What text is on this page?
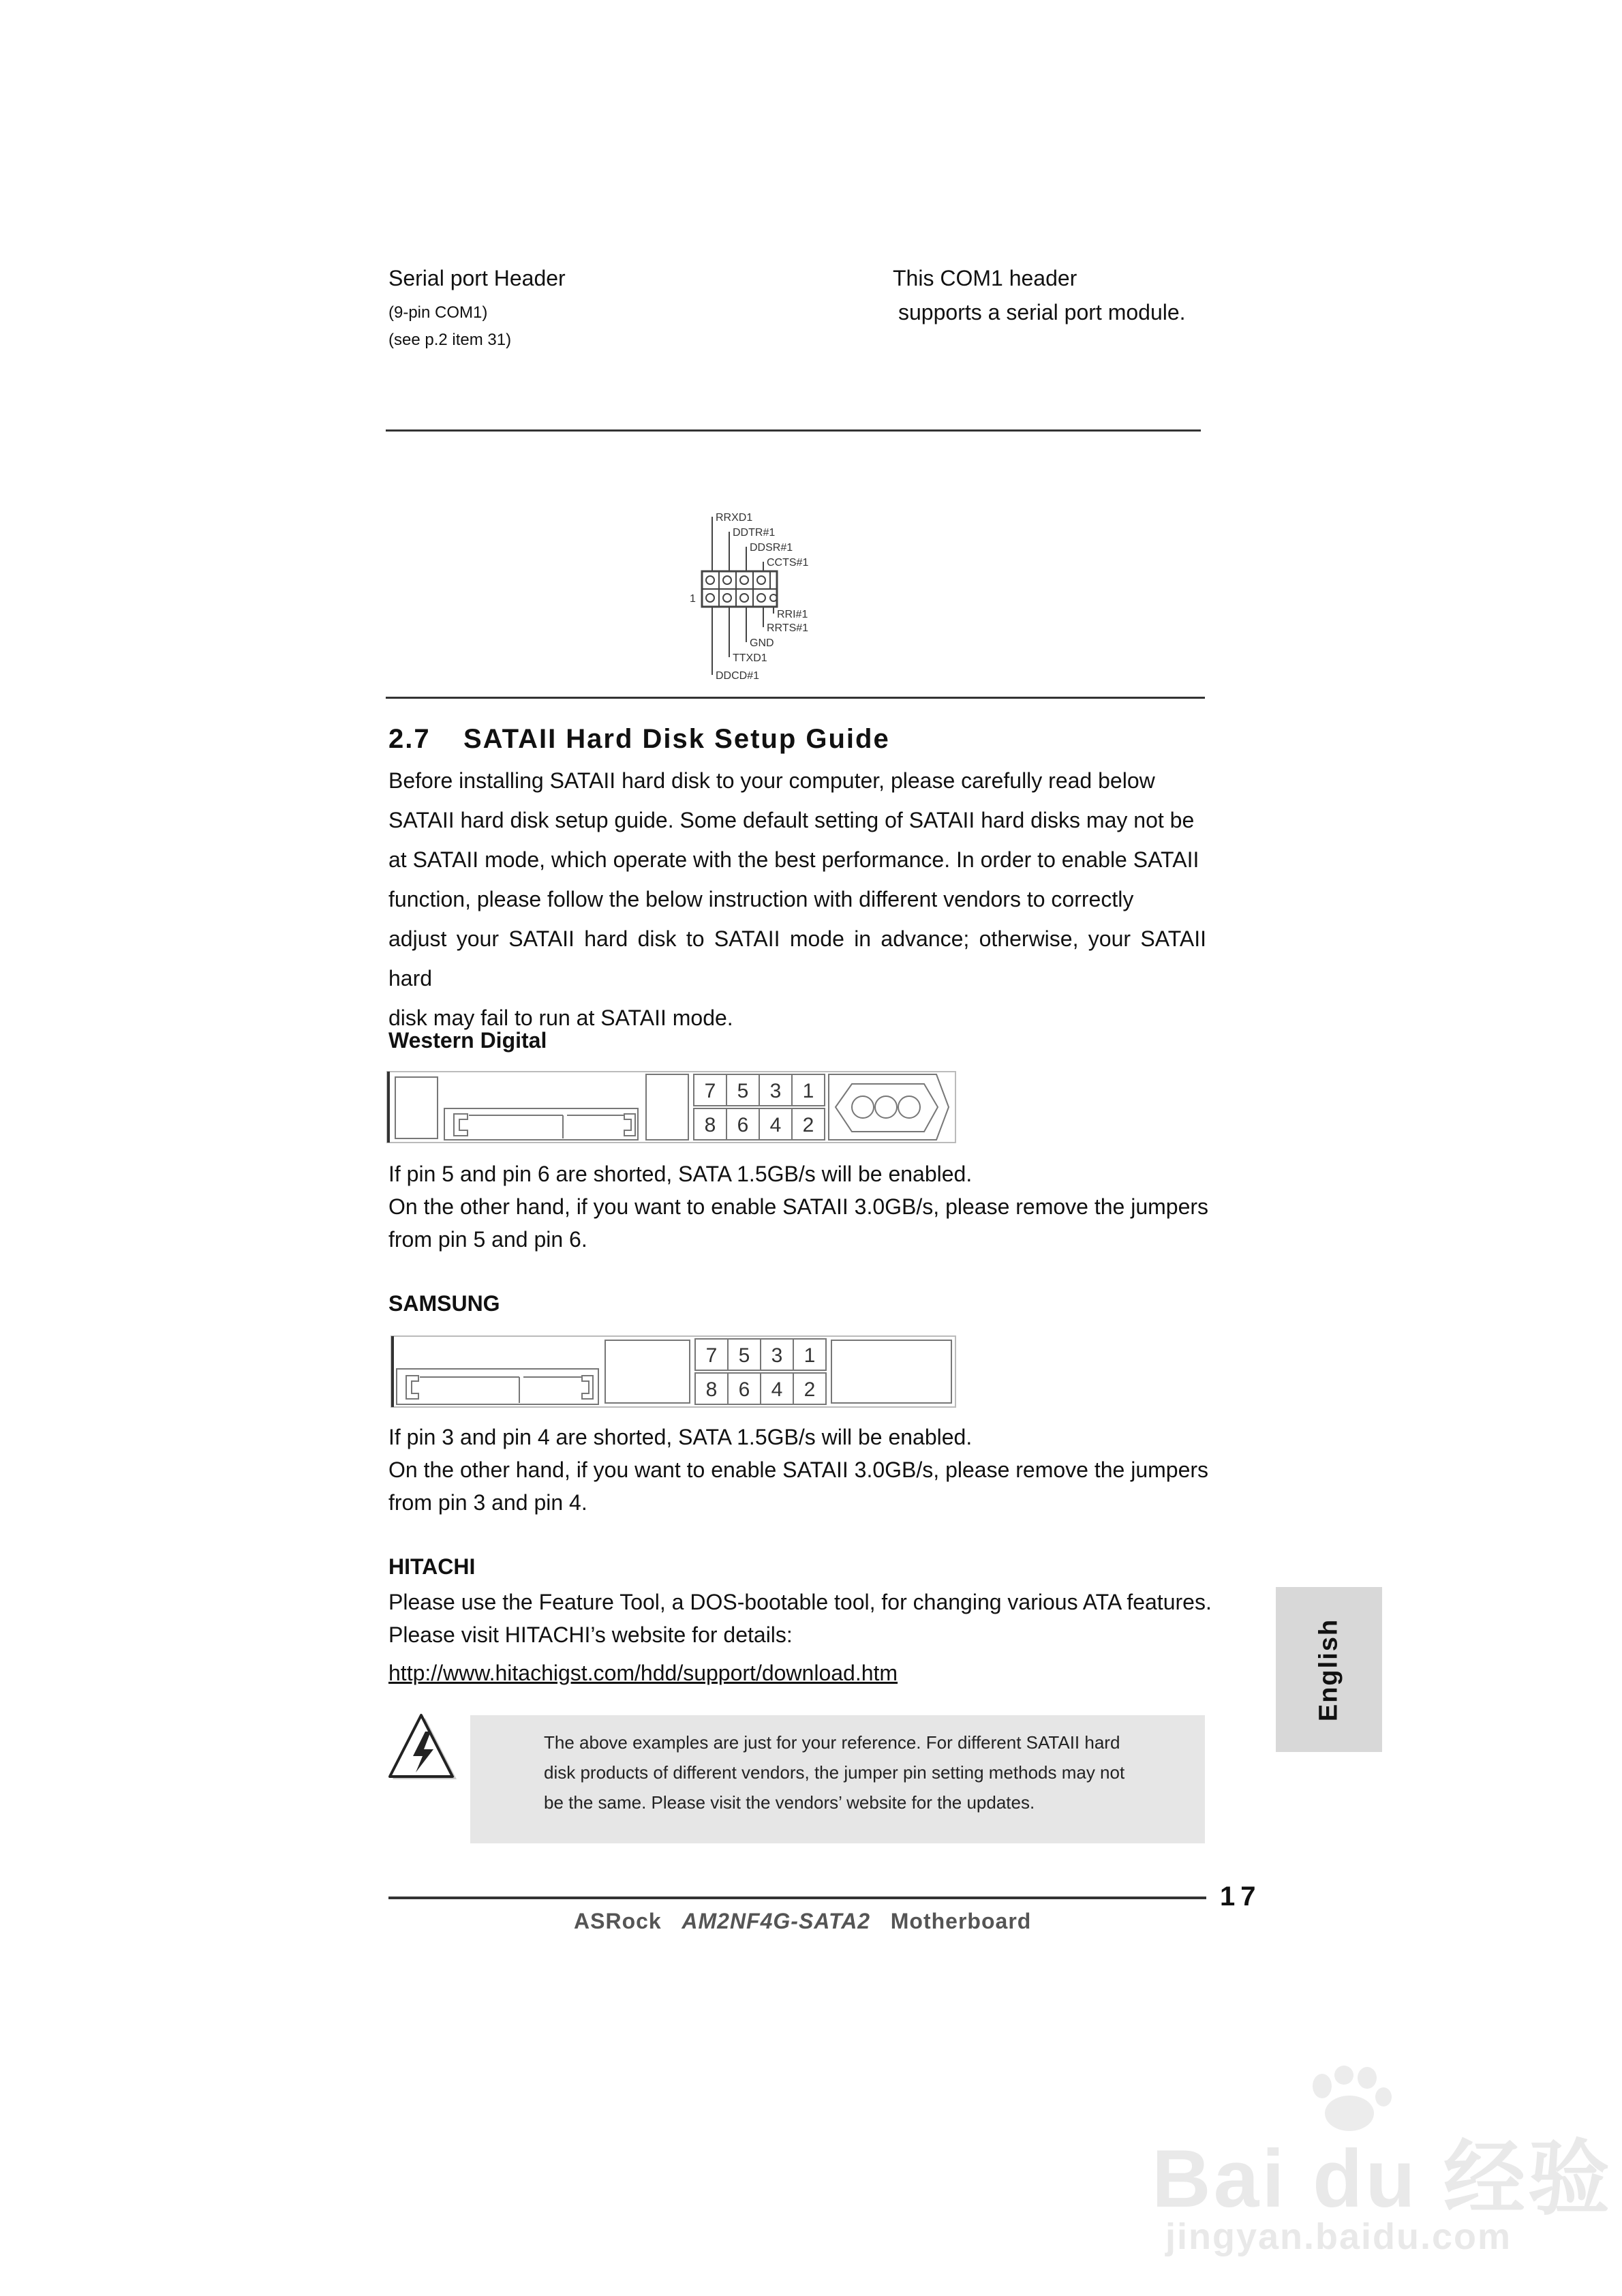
Serial port Header
(9-pin COM1)
(see p.2 item 31)
This COM1 header
supports a serial port module.
RRXD1
DDTR#1
DDSR#1
CCTS#1
RRI#1
RRTS#1
GND
TTXD1
DDCD#1
1
2.7 SATAII Hard Disk Setup Guide
Before installing SATAII hard disk to your computer, please carefully read below
SATAII hard disk setup guide. Some default setting of SATAII hard disks may not be
at SATAII mode, which operate with the best performance. In order to enable SATAII
function, please follow the below instruction with different vendors to correctly
adjust your SATAII hard disk to SATAII mode in advance; otherwise, your SATAII hard
disk may fail to run at SATAII mode.
Western Digital
7 5 3 1
8 6 4 2
If pin 5 and pin 6 are shorted, SATA 1.5GB/s will be enabled.
On the other hand, if you want to enable SATAII 3.0GB/s, please remove the jumpers
from pin 5 and pin 6.
SAMSUNG
7 5 3 1
8 6 4 2
If pin 3 and pin 4 are shorted, SATA 1.5GB/s will be enabled.
On the other hand, if you want to enable SATAII 3.0GB/s, please remove the jumpers
from pin 3 and pin 4.
HITACHI
Please use the Feature Tool, a DOS-bootable tool, for changing various ATA features.
Please visit HITACHI’s website for details:
http://www.hitachigst.com/hdd/support/download.htm
The above examples are just for your reference. For different SATAII hard
disk products of different vendors, the jumper pin setting methods may not
be the same. Please visit the vendors’ website for the updates.
English
17
ASRock AM2NF4G-SATA2 Motherboard
Bai du 经验
jingyan.baidu.com
